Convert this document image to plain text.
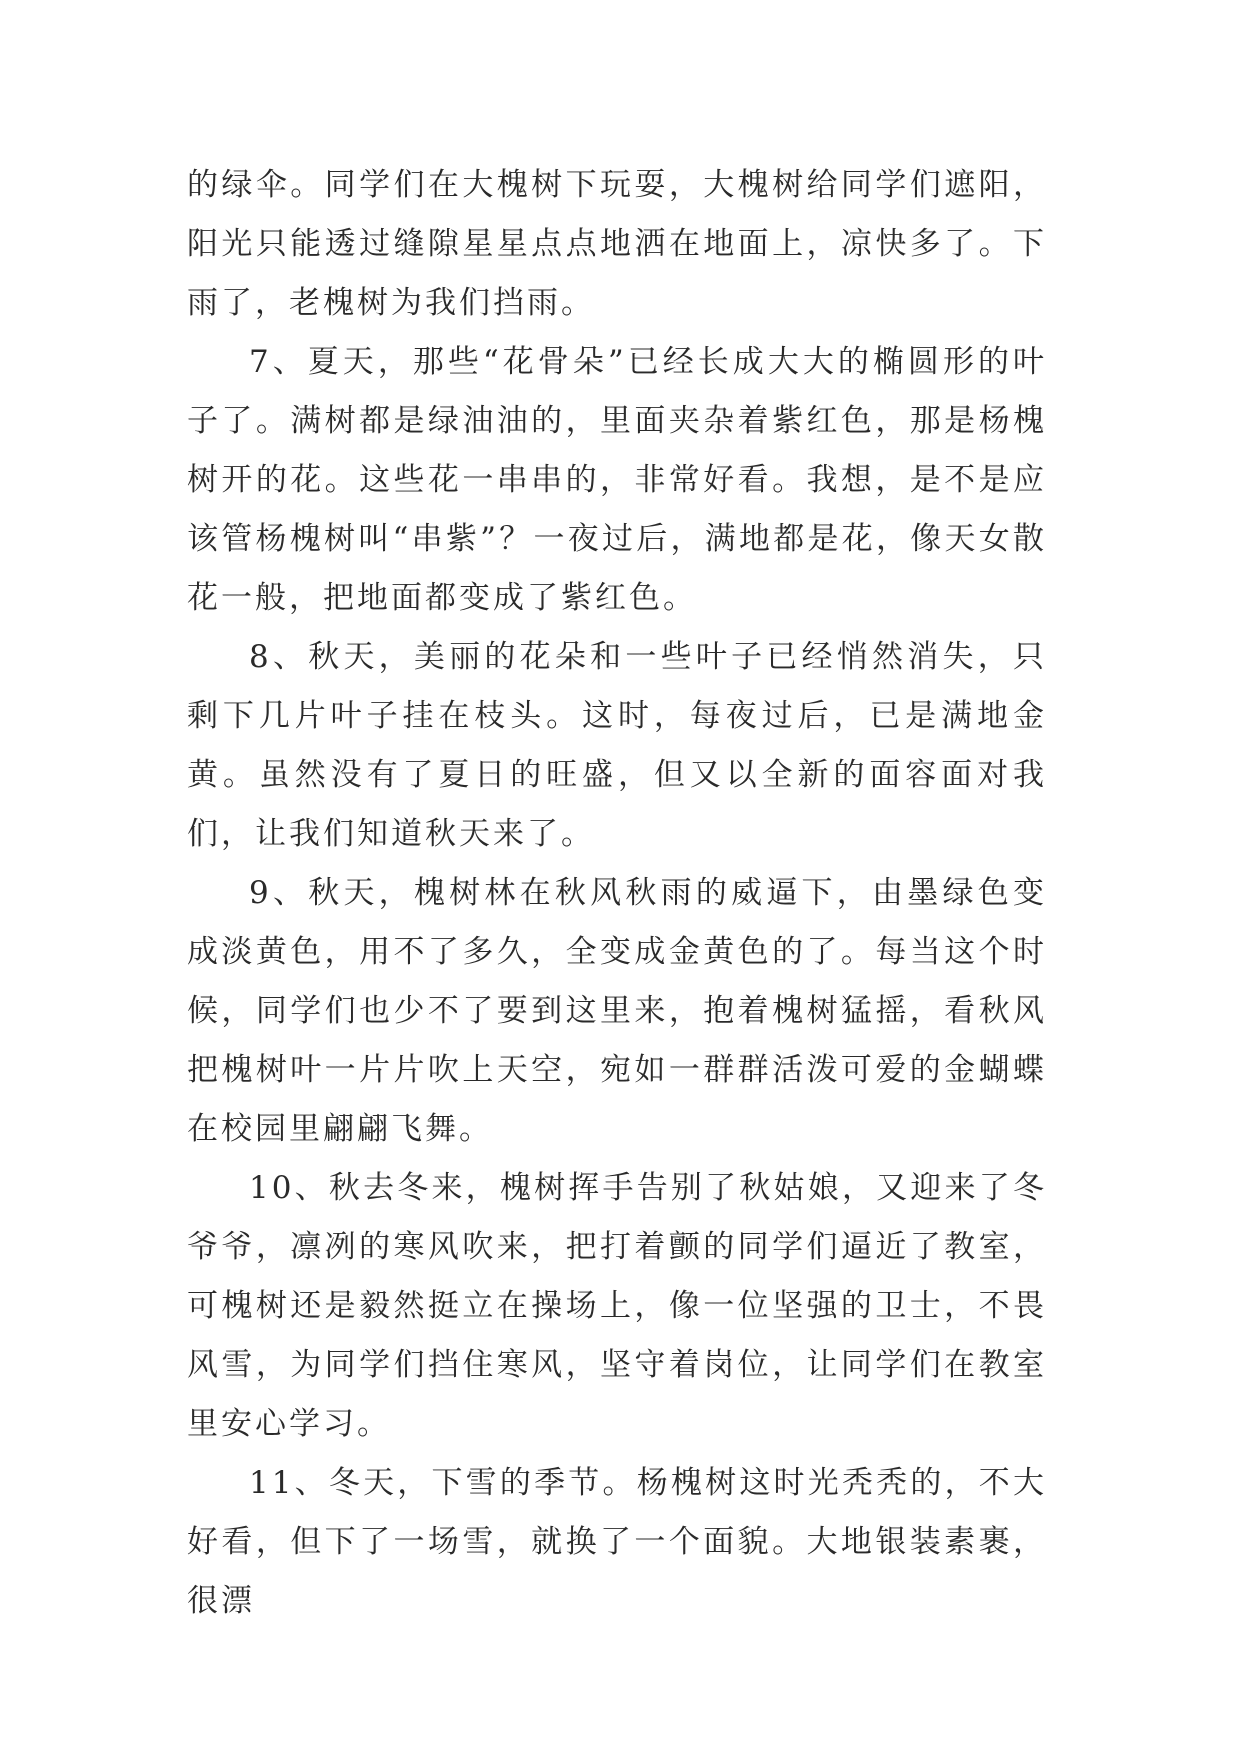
的绿伞。同学们在大槐树下玩耍，大槐树给同学们遮阳，阳光只能透过缝隙星星点点地洒在地面上，凉快多了。下雨了，老槐树为我们挡雨。

7、夏天，那些“花骨朵”已经长成大大的椭圆形的叶子了。满树都是绿油油的，里面夹杂着紫红色，那是杨槐树开的花。这些花一串串的，非常好看。我想，是不是应该管杨槐树叫“串紫”？一夜过后，满地都是花，像天女散花一般，把地面都变成了紫红色。

8、秋天，美丽的花朵和一些叶子已经悄然消失，只剩下几片叶子挂在枝头。这时，每夜过后，已是满地金黄。虽然没有了夏日的旺盛，但又以全新的面容面对我们，让我们知道秋天来了。

9、秋天，槐树林在秋风秋雨的威逼下，由墨绿色变成淡黄色，用不了多久，全变成金黄色的了。每当这个时候，同学们也少不了要到这里来，抱着槐树猛摇，看秋风把槐树叶一片片吹上天空，宛如一群群活泼可爱的金蝴蝶在校园里翩翩飞舞。

10、秋去冬来，槐树挥手告别了秋姑娘，又迎来了冬爷爷，凛冽的寒风吹来，把打着颤的同学们逼近了教室，可槐树还是毅然挺立在操场上，像一位坚强的卫士，不畏风雪，为同学们挡住寒风，坚守着岗位，让同学们在教室里安心学习。

11、冬天，下雪的季节。杨槐树这时光秃秃的，不大好看，但下了一场雪，就换了一个面貌。大地银装素裹，很漂
